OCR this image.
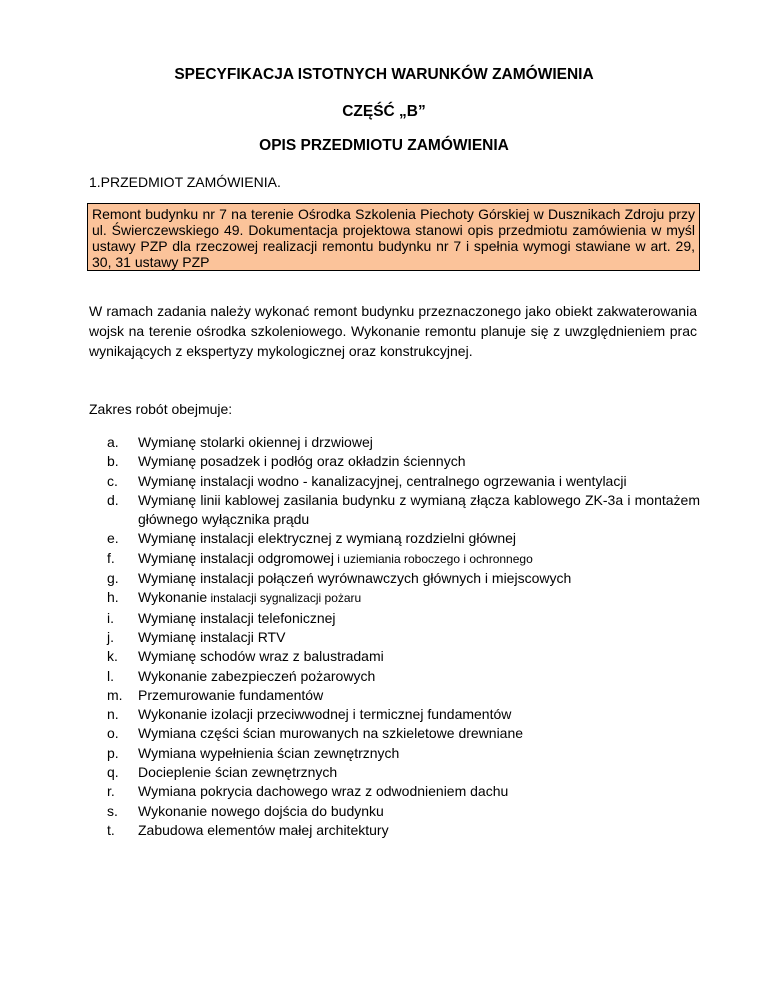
SPECYFIKACJA ISTOTNYCH WARUNKÓW ZAMÓWIENIA
CZĘŚĆ „B”
OPIS PRZEDMIOTU ZAMÓWIENIA

1.PRZEDMIOT ZAMÓWIENIA.

Remont budynku nr 7 na terenie Ośrodka Szkolenia Piechoty Górskiej w Dusznikach Zdroju przy ul. Świerczewskiego 49. Dokumentacja projektowa stanowi opis przedmiotu zamówienia w myśl ustawy PZP dla rzeczowej realizacji remontu budynku nr 7 i spełnia wymogi stawiane w art. 29, 30, 31 ustawy PZP

W ramach zadania należy wykonać remont budynku przeznaczonego jako obiekt zakwaterowania wojsk na terenie ośrodka szkoleniowego. Wykonanie remontu planuje się z uwzględnieniem prac wynikających z ekspertyzy mykologicznej oraz konstrukcyjnej.

Zakres robót obejmuje:

a.	Wymianę stolarki okiennej i drzwiowej
b.	Wymianę posadzek i podłóg oraz okładzin ściennych
c.	Wymianę instalacji wodno - kanalizacyjnej, centralnego ogrzewania i wentylacji
d.	Wymianę linii kablowej zasilania budynku z wymianą złącza kablowego ZK-3a i montażem głównego wyłącznika prądu
e.	Wymianę instalacji elektrycznej z wymianą rozdzielni głównej
f.	Wymianę instalacji odgromowej i uziemiania roboczego i ochronnego
g.	Wymianę instalacji połączeń wyrównawczych głównych i miejscowych
h.	Wykonanie instalacji sygnalizacji pożaru
i.	Wymianę instalacji telefonicznej
j.	Wymianę instalacji RTV
k.	Wymianę schodów wraz z balustradami
l.	Wykonanie zabezpieczeń pożarowych
m.	Przemurowanie fundamentów
n.	Wykonanie izolacji przeciwwodnej i termicznej fundamentów
o.	Wymiana części ścian murowanych na szkieletowe drewniane
p.	Wymiana wypełnienia ścian zewnętrznych
q.	Docieplenie ścian zewnętrznych
r.	Wymiana pokrycia dachowego wraz z odwodnieniem dachu
s.	Wykonanie nowego dojścia do budynku
t.	Zabudowa elementów małej architektury
